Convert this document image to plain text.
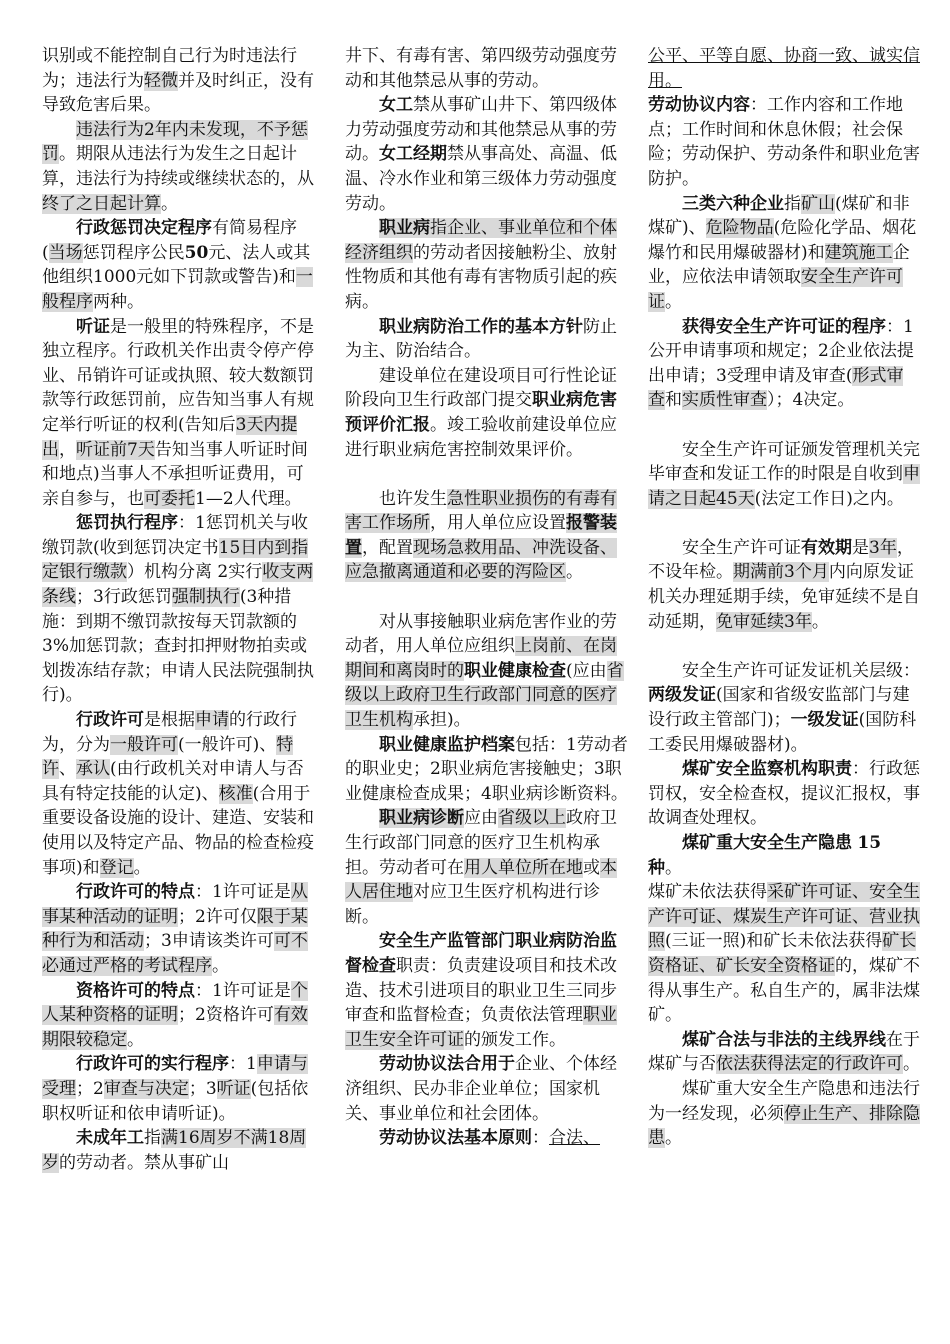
识别或不能控制自己行为时违法行为；违法行为轻微并及时纠正，没有导致危害后果。

违法行为2年内未发现，不予惩罚。期限从违法行为发生之日起计算，违法行为持续或继续状态的，从终了之日起计算。

行政惩罚决定程序有简易程序(当场惩罚程序公民50元、法人或其他组织1000元如下罚款或警告)和一般程序两种。

听证是一般里的特殊程序，不是独立程序。行政机关作出责令停产停业、吊销许可证或执照、较大数额罚款等行政惩罚前，应告知当事人有规定举行听证的权利(告知后3天内提出，听证前7天告知当事人听证时间和地点)当事人不承担听证费用，可亲自参与，也可委托1—2人代理。

惩罚执行程序：1惩罚机关与收缴罚款(收到惩罚决定书15日内到指定银行缴款）机构分离 2实行收支两条线；3行政惩罚强制执行(3种措施：到期不缴罚款按每天罚款额的3%加惩罚款；查封扣押财物拍卖或划拨冻结存款；申请人民法院强制执行)。

行政许可是根据申请的行政行为，分为一般许可(一般许可)、特许、承认(由行政机关对申请人与否具有特定技能的认定)、核准(合用于重要设备设施的设计、建造、安装和使用以及特定产品、物品的检查检疫事项)和登记。

行政许可的特点：1许可证是从事某种活动的证明；2许可仅限于某种行为和活动；3申请该类许可可不必通过严格的考试程序。

资格许可的特点：1许可证是个人某种资格的证明；2资格许可有效期限较稳定。

行政许可的实行程序：1申请与受理；2审查与决定；3听证(包括依职权听证和依申请听证)。

未成年工指满16周岁不满18周岁的劳动者。禁从事矿山

井下、有毒有害、第四级劳动强度劳动和其他禁忌从事的劳动。

女工禁从事矿山井下、第四级体力劳动强度劳动和其他禁忌从事的劳动。女工经期禁从事高处、高温、低温、冷水作业和第三级体力劳动强度劳动。

职业病指企业、事业单位和个体经济组织的劳动者因接触粉尘、放射性物质和其他有毒有害物质引起的疾病。

职业病防治工作的基本方针防止为主、防治结合。

建设单位在建设项目可行性论证阶段向卫生行政部门提交职业病危害预评价汇报。竣工验收前建设单位应进行职业病危害控制效果评价。

也许发生急性职业损伤的有毒有害工作场所，用人单位应设置报警装置，配置现场急救用品、冲洗设备、应急撤离通道和必要的泻险区。

对从事接触职业病危害作业的劳动者，用人单位应组织上岗前、在岗期间和离岗时的职业健康检查(应由省级以上政府卫生行政部门同意的医疗卫生机构承担)。

职业健康监护档案包括：1劳动者的职业史；2职业病危害接触史；3职业健康检查成果；4职业病诊断资料。

职业病诊断应由省级以上政府卫生行政部门同意的医疗卫生机构承担。劳动者可在用人单位所在地或本人居住地对应卫生医疗机构进行诊断。

安全生产监管部门职业病防治监督检查职责：负责建设项目和技术改造、技术引进项目的职业卫生三同步审查和监督检查；负责依法管理职业卫生安全许可证的颁发工作。

劳动协议法合用于企业、个体经济组织、民办非企业单位；国家机关、事业单位和社会团体。

劳动协议法基本原则：合法、

公平、平等自愿、协商一致、诚实信用。

劳动协议内容：工作内容和工作地点；工作时间和休息休假；社会保险；劳动保护、劳动条件和职业危害防护。

三类六种企业指矿山(煤矿和非煤矿)、危险物品(危险化学品、烟花爆竹和民用爆破器材)和建筑施工企业，应依法申请领取安全生产许可证。

获得安全生产许可证的程序：1公开申请事项和规定；2企业依法提出申请；3受理申请及审查(形式审查和实质性审查）；4决定。

安全生产许可证颁发管理机关完毕审查和发证工作的时限是自收到申请之日起45天(法定工作日)之内。

安全生产许可证有效期是3年，不设年检。期满前3个月内向原发证机关办理延期手续，免审延续不是自动延期，免审延续3年。

安全生产许可证发证机关层级：两级发证(国家和省级安监部门与建设行政主管部门)；一级发证(国防科工委民用爆破器材)。

煤矿安全监察机构职责：行政惩罚权，安全检查权，提议汇报权，事故调查处理权。

煤矿重大安全生产隐患 15 种。

煤矿未依法获得采矿许可证、安全生产许可证、煤炭生产许可证、营业执照(三证一照)和矿长未依法获得矿长资格证、矿长安全资格证的，煤矿不得从事生产。私自生产的，属非法煤矿。

煤矿合法与非法的主线界线在于煤矿与否依法获得法定的行政许可。

煤矿重大安全生产隐患和违法行为一经发现，必须停止生产、排除隐患。
